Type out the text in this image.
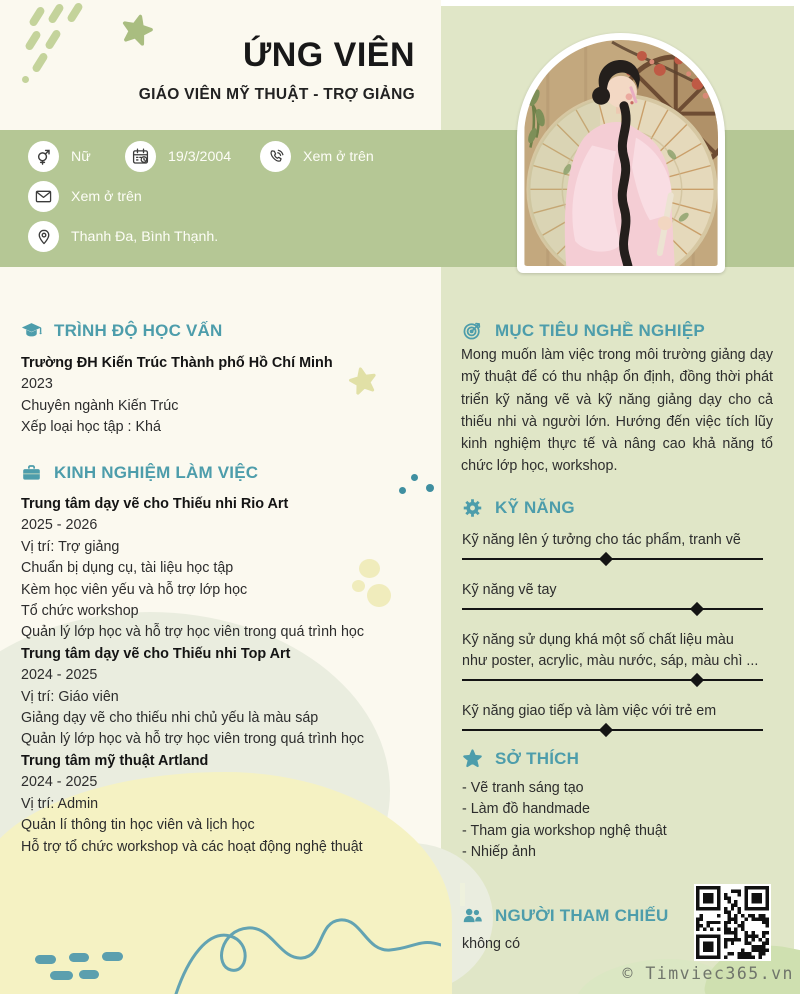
ỨNG VIÊN
GIÁO VIÊN MỸ THUẬT - TRỢ GIẢNG
Nữ	19/3/2004	Xem ở trên
Xem ở trên
Thanh Đa, Bình Thạnh.
TRÌNH ĐỘ HỌC VẤN
Trường ĐH Kiến Trúc Thành phố Hồ Chí Minh
2023
Chuyên ngành Kiến Trúc
Xếp loại học tập : Khá
KINH NGHIỆM LÀM VIỆC
Trung tâm dạy vẽ cho Thiếu nhi Rio Art
2025 - 2026
Vị trí: Trợ giảng
Chuẩn bị dụng cụ, tài liệu học tập
Kèm học viên yếu và hỗ trợ lớp học
Tổ chức workshop
Quản lý lớp học và hỗ trợ học viên trong quá trình học
Trung tâm dạy vẽ cho Thiếu nhi Top Art
2024 - 2025
Vị trí: Giáo viên
Giảng dạy vẽ cho thiếu nhi chủ yếu là màu sáp
Quản lý lớp học và hỗ trợ học viên trong quá trình học
Trung tâm mỹ thuật Artland
2024 - 2025
Vị trí: Admin
Quản lí thông tin học viên và lịch học
Hỗ trợ tổ chức workshop và các hoạt động nghệ thuật
MỤC TIÊU NGHỀ NGHIỆP
Mong muốn làm việc trong môi trường giảng dạy mỹ thuật để có thu nhập ổn định, đồng thời phát triển kỹ năng vẽ và kỹ năng giảng dạy cho cả thiếu nhi và người lớn. Hướng đến việc tích lũy kinh nghiệm thực tế và nâng cao khả năng tổ chức lớp học, workshop.
KỸ NĂNG
Kỹ năng lên ý tưởng cho tác phẩm, tranh vẽ
Kỹ năng vẽ tay
Kỹ năng sử dụng khá một số chất liệu màu như poster, acrylic, màu nước, sáp, màu chì ...
Kỹ năng giao tiếp và làm việc với trẻ em
SỞ THÍCH
- Vẽ tranh sáng tạo
- Làm đồ handmade
- Tham gia workshop nghệ thuật
- Nhiếp ảnh
NGƯỜI THAM CHIẾU
không có
© Timviec365.vn
